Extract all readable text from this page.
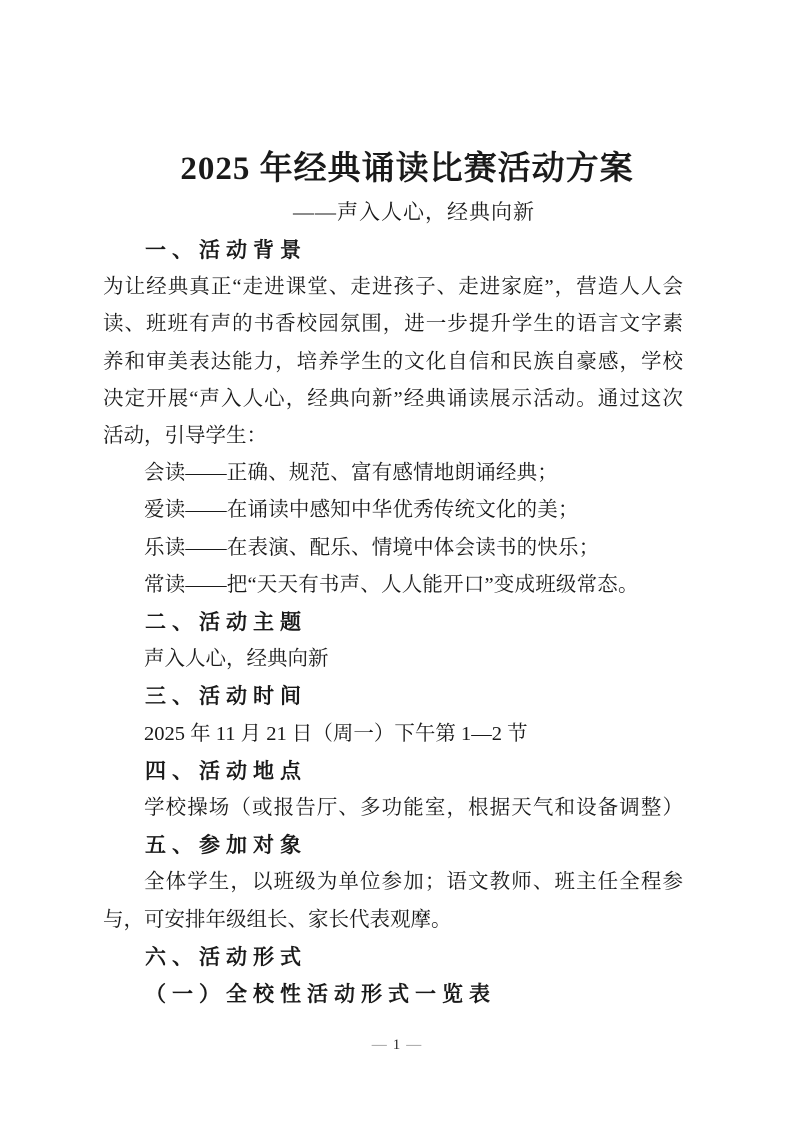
2025 年经典诵读比赛活动方案
——声入人心，经典向新
一、活动背景
为让经典真正“走进课堂、走进孩子、走进家庭”，营造人人会
读、班班有声的书香校园氛围，进一步提升学生的语言文字素
养和审美表达能力，培养学生的文化自信和民族自豪感，学校
决定开展“声入人心，经典向新”经典诵读展示活动。通过这次
活动，引导学生：
会读——正确、规范、富有感情地朗诵经典；
爱读——在诵读中感知中华优秀传统文化的美；
乐读——在表演、配乐、情境中体会读书的快乐；
常读——把“天天有书声、人人能开口”变成班级常态。
二、活动主题
声入人心，经典向新
三、活动时间
2025 年 11 月 21 日（周一）下午第 1—2 节
四、活动地点
学校操场（或报告厅、多功能室，根据天气和设备调整）
五、参加对象
全体学生，以班级为单位参加；语文教师、班主任全程参
与，可安排年级组长、家长代表观摩。
六、活动形式
（一）全校性活动形式一览表
— 1 —
